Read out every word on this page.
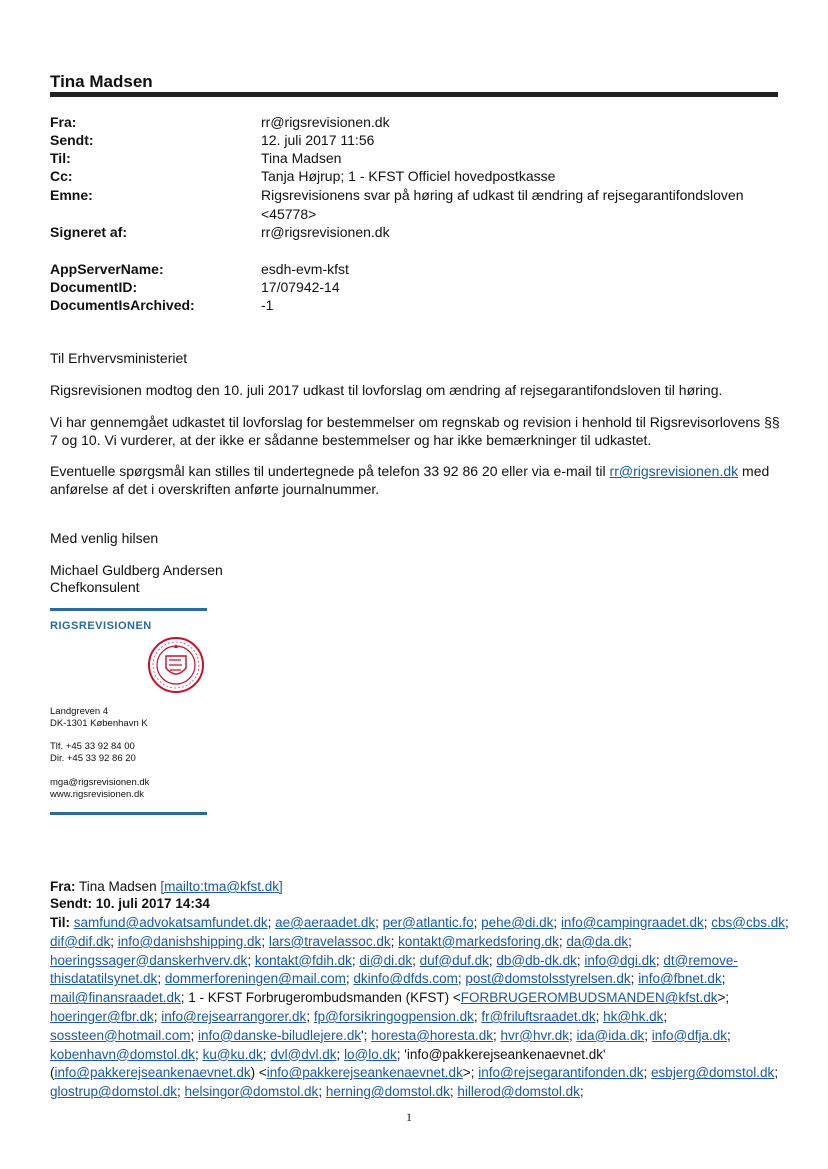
Tina Madsen
Fra:	rr@rigsrevisionen.dk
Sendt:	12. juli 2017 11:56
Til:	Tina Madsen
Cc:	Tanja Højrup; 1 - KFST Officiel hovedpostkasse
Emne:	Rigsrevisionens svar på høring af udkast til ændring af rejsegarantifondsloven
<45778>
Signeret af:	rr@rigsrevisionen.dk
AppServerName:	esdh-evm-kfst
DocumentID:	17/07942-14
DocumentIsArchived:	-1
Til Erhvervsministeriet
Rigsrevisionen modtog den 10. juli 2017 udkast til lovforslag om ændring af rejsegarantifondsloven til høring.
Vi har gennemgået udkastet til lovforslag for bestemmelser om regnskab og revision i henhold til Rigsrevisorlovens §§ 7 og 10. Vi vurderer, at der ikke er sådanne bestemmelser og har ikke bemærkninger til udkastet.
Eventuelle spørgsmål kan stilles til undertegnede på telefon 33 92 86 20 eller via e-mail til rr@rigsrevisionen.dk med anførelse af det i overskriften anførte journalnummer.
Med venlig hilsen
Michael Guldberg Andersen
Chefkonsulent
RIGSREVISIONEN
Landgreven 4
DK-1301 København K
Tlf. +45 33 92 84 00
Dir. +45 33 92 86 20
mga@rigsrevisionen.dk
www.rigsrevisionen.dk
Fra: Tina Madsen [mailto:tma@kfst.dk]
Sendt: 10. juli 2017 14:34
Til: samfund@advokatsamfundet.dk; ae@aeraadet.dk; per@atlantic.fo; pehe@di.dk; info@campingraadet.dk; cbs@cbs.dk; dif@dif.dk; info@danishshipping.dk; lars@travelassoc.dk; kontakt@markedsforing.dk; da@da.dk; hoeringssager@danskerhverv.dk; kontakt@fdih.dk; di@di.dk; duf@duf.dk; db@db-dk.dk; info@dgi.dk; dt@remove-thisdatatilsynet.dk; dommerforeningen@mail.com; dkinfo@dfds.com; post@domstolsstyrelsen.dk; info@fbnet.dk; mail@finansraadet.dk; 1 - KFST Forbrugerombudsmanden (KFST) <FORBRUGEROMBUDSMANDEN@kfst.dk>; hoeringer@fbr.dk; info@rejsearrangorer.dk; fp@forsikringogpension.dk; fr@friluftsraadet.dk; hk@hk.dk; sossteen@hotmail.com; info@danske-biludlejere.dk'; horesta@horesta.dk; hvr@hvr.dk; ida@ida.dk; info@dfja.dk; kobenhavn@domstol.dk; ku@ku.dk; dvl@dvl.dk; lo@lo.dk; 'info@pakkerejseankenaevnet.dk' (info@pakkerejseankenaevnet.dk) <info@pakkerejseankenaevnet.dk>; info@rejsegarantifonden.dk; esbjerg@domstol.dk; glostrup@domstol.dk; helsingor@domstol.dk; herning@domstol.dk; hillerod@domstol.dk;
1
